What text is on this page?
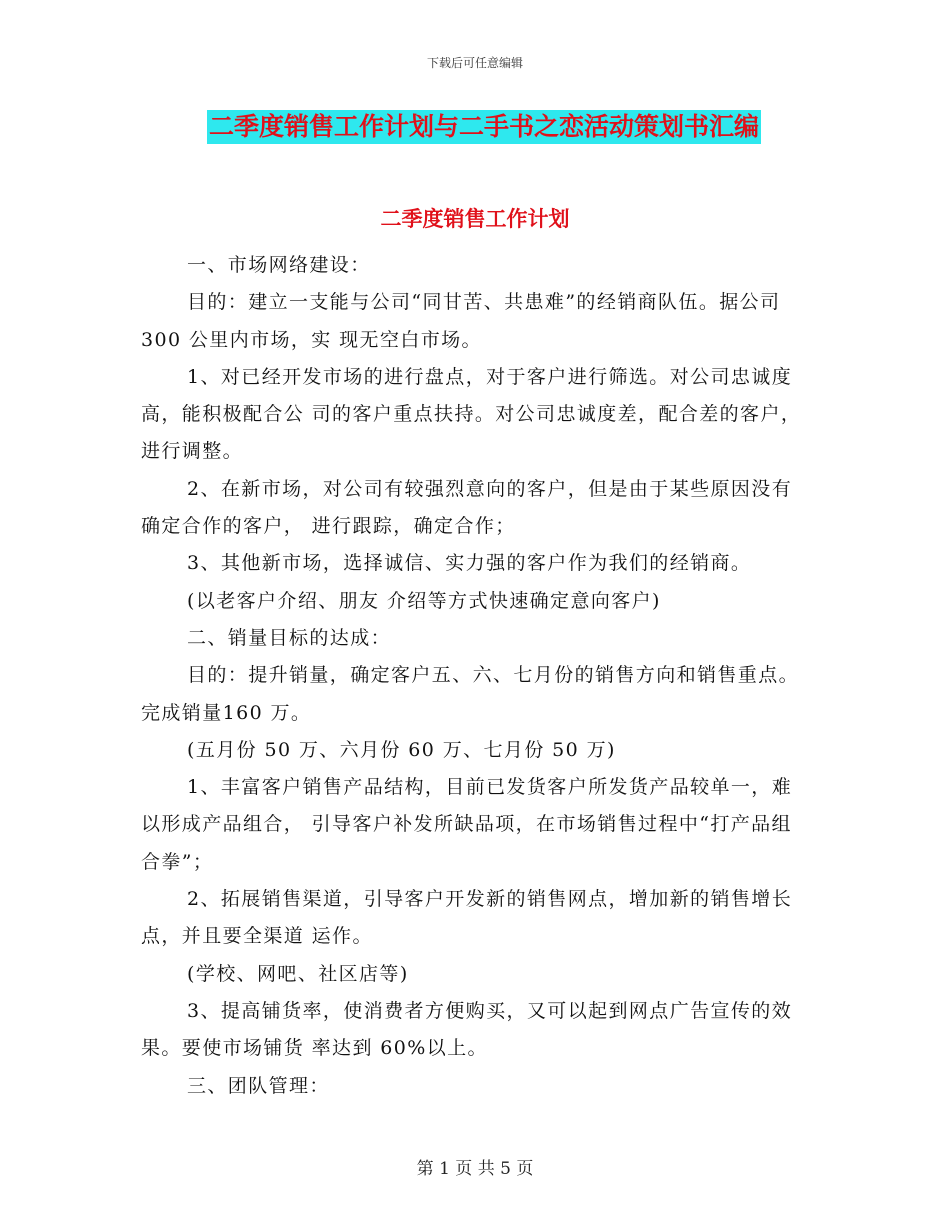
下载后可任意编辑
二季度销售工作计划与二手书之恋活动策划书汇编
二季度销售工作计划

一、市场网络建设：

目的：建立一支能与公司“同甘苦、共患难”的经销商队伍。据公司 300 公里内市场，实 现无空白市场。

1、对已经开发市场的进行盘点，对于客户进行筛选。对公司忠诚度高，能积极配合公 司的客户重点扶持。对公司忠诚度差，配合差的客户，进行调整。

2、在新市场，对公司有较强烈意向的客户，但是由于某些原因没有确定合作的客户， 进行跟踪，确定合作；

3、其他新市场，选择诚信、实力强的客户作为我们的经销商。

(以老客户介绍、朋友 介绍等方式快速确定意向客户)

二、销量目标的达成：

目的：提升销量，确定客户五、六、七月份的销售方向和销售重点。完成销量160 万。

(五月份 50 万、六月份 60 万、七月份 50 万)

1、丰富客户销售产品结构，目前已发货客户所发货产品较单一，难以形成产品组合， 引导客户补发所缺品项，在市场销售过程中“打产品组合拳”；

2、拓展销售渠道，引导客户开发新的销售网点，增加新的销售增长点，并且要全渠道 运作。

(学校、网吧、社区店等)

3、提高铺货率，使消费者方便购买，又可以起到网点广告宣传的效果。要使市场铺货 率达到 60%以上。

三、团队管理：

第 1 页 共 5 页
